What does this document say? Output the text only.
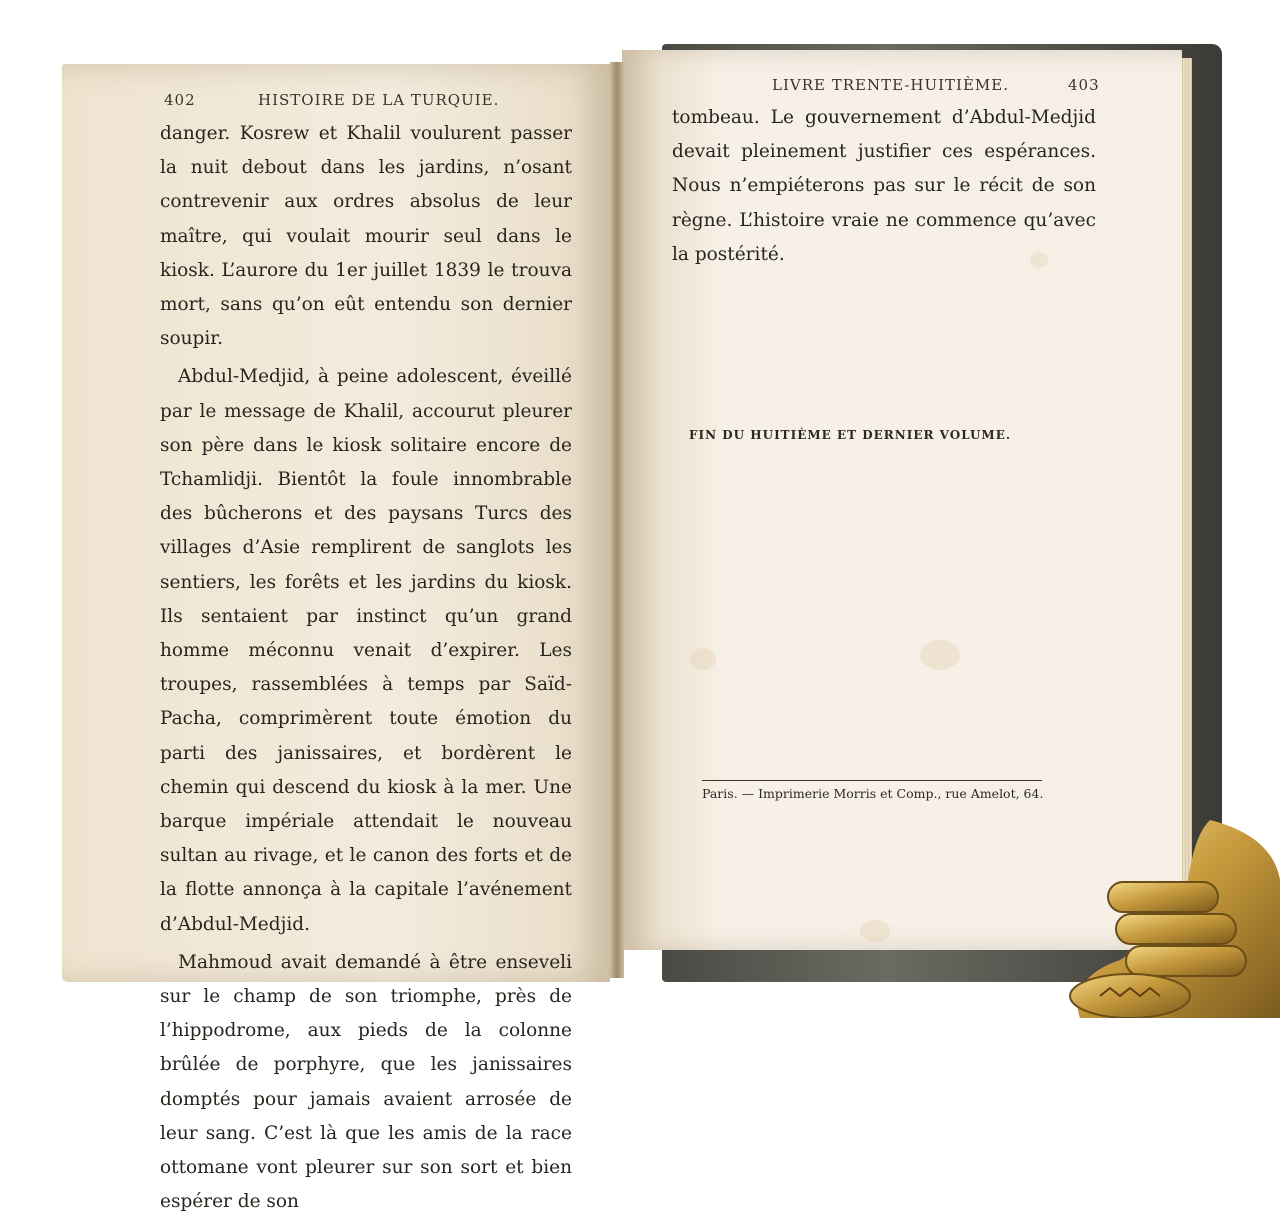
402	HISTOIRE DE LA TURQUIE.

danger. Kosrew et Khalil voulurent passer la nuit debout dans les jardins, n’osant contrevenir aux ordres absolus de leur maître, qui voulait mourir seul dans le kiosk. L’aurore du 1er juillet 1839 le trouva mort, sans qu’on eût entendu son dernier soupir.

Abdul-Medjid, à peine adolescent, éveillé par le message de Khalil, accourut pleurer son père dans le kiosk solitaire encore de Tchamlidji. Bientôt la foule innombrable des bûcherons et des paysans Turcs des villages d’Asie remplirent de sanglots les sentiers, les forêts et les jardins du kiosk. Ils sentaient par instinct qu’un grand homme méconnu venait d’expirer. Les troupes, rassemblées à temps par Saïd-Pacha, comprimèrent toute émotion du parti des janissaires, et bordèrent le chemin qui descend du kiosk à la mer. Une barque impériale attendait le nouveau sultan au rivage, et le canon des forts et de la flotte annonça à la capitale l’avénement d’Abdul-Medjid.

Mahmoud avait demandé à être enseveli sur le champ de son triomphe, près de l’hippodrome, aux pieds de la colonne brûlée de porphyre, que les janissaires domptés pour jamais avaient arrosée de leur sang. C’est là que les amis de la race ottomane vont pleurer sur son sort et bien espérer de son

LIVRE TRENTE-HUITIÈME.	403

tombeau. Le gouvernement d’Abdul-Medjid devait pleinement justifier ces espérances. Nous n’empiéterons pas sur le récit de son règne. L’histoire vraie ne commence qu’avec la postérité.

FIN DU HUITIÈME ET DERNIER VOLUME.
Paris. — Imprimerie Morris et Comp., rue Amelot, 64.
